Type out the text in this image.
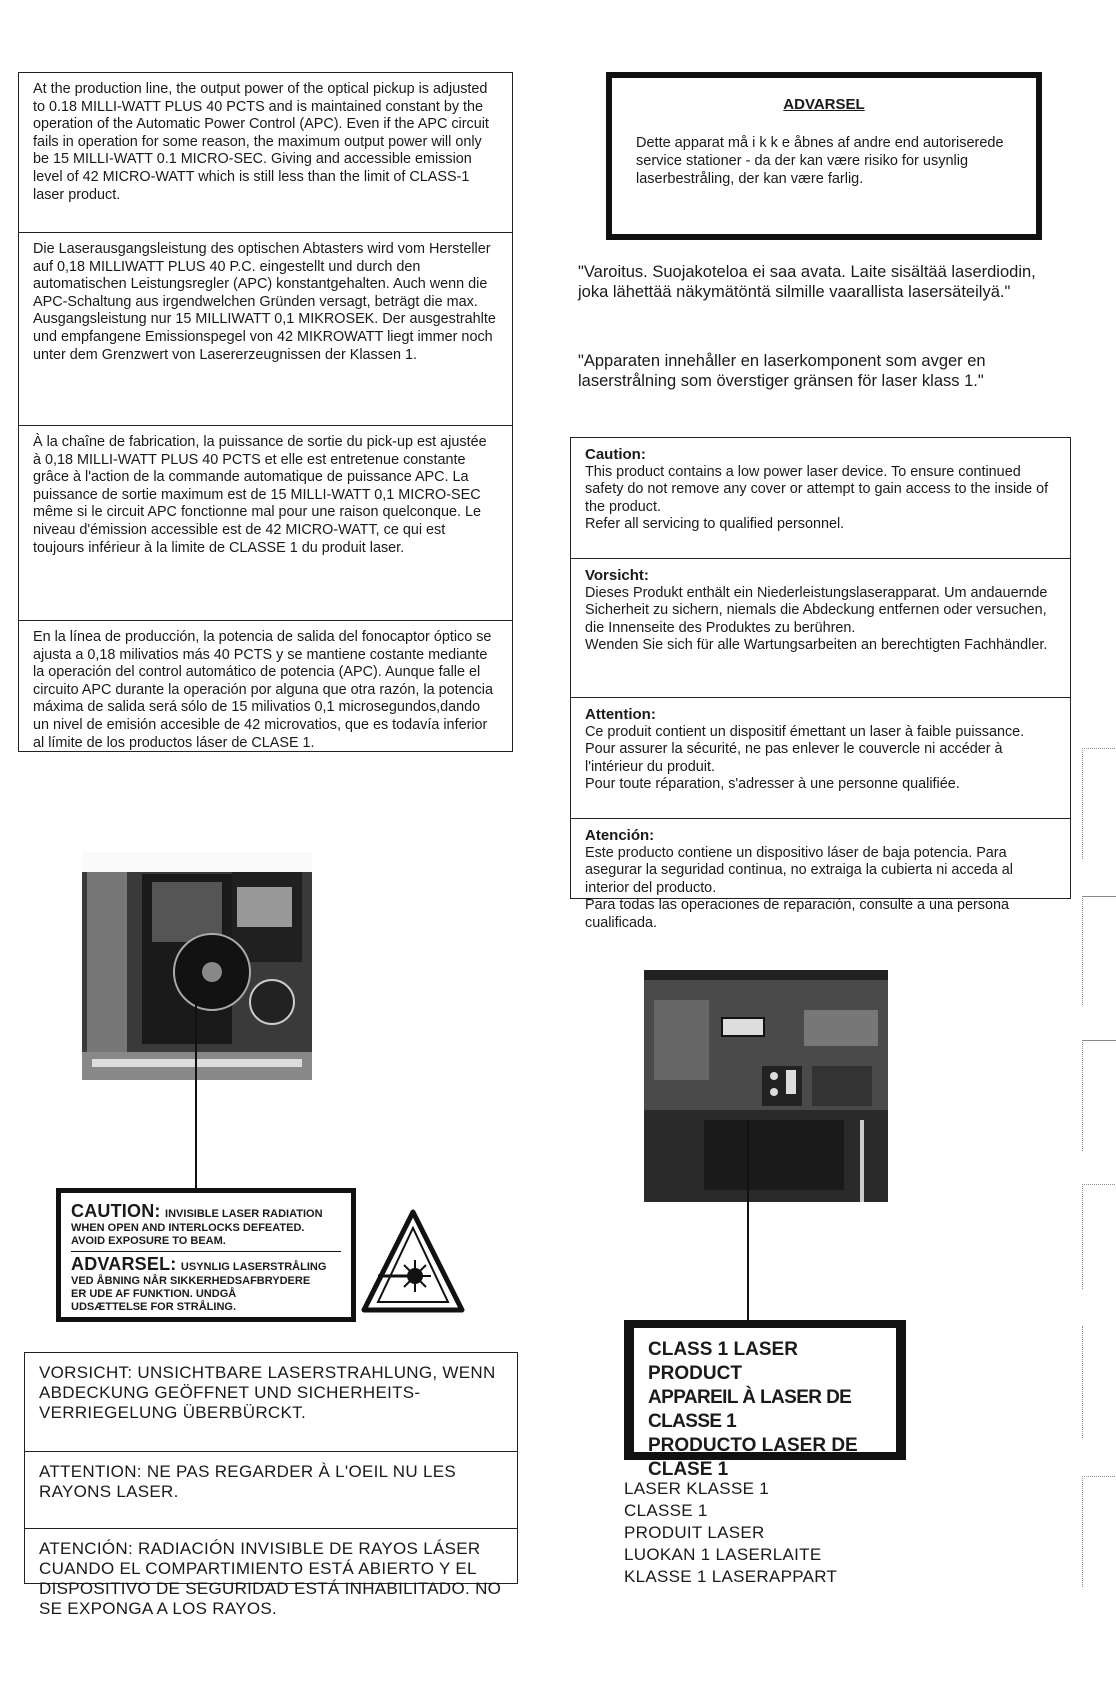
At the production line, the output power of the optical pickup is adjusted to 0.18 MILLI-WATT PLUS 40 PCTS and is maintained constant by the operation of the Automatic Power Control (APC). Even if the APC circuit fails in operation for some reason, the maximum output power will only be 15 MILLI-WATT 0.1 MICRO-SEC. Giving and accessible emission level of 42 MICRO-WATT which is still less than the limit of CLASS-1 laser product.

Die Laserausgangsleistung des optischen Abtasters wird vom Hersteller auf 0,18 MILLIWATT PLUS 40 P.C. eingestellt und durch den automatischen Leistungsregler (APC) konstantgehalten. Auch wenn die APC-Schaltung aus irgendwelchen Gründen versagt, beträgt die max. Ausgangsleistung nur 15 MILLIWATT 0,1 MIKROSEK. Der ausgestrahlte und empfangene Emissionspegel von 42 MIKROWATT liegt immer noch unter dem Grenzwert von Lasererzeugnissen der Klassen 1.

À la chaîne de fabrication, la puissance de sortie du pick-up est ajustée à 0,18 MILLI-WATT PLUS 40 PCTS et elle est entretenue constante grâce à l'action de la commande automatique de puissance APC. La puissance de sortie maximum est de 15 MILLI-WATT 0,1 MICRO-SEC même si le circuit APC fonctionne mal pour une raison quelconque. Le niveau d'émission accessible est de 42 MICRO-WATT, ce qui est toujours inférieur à la limite de CLASSE 1 du produit laser.

En la línea de producción, la potencia de salida del fonocaptor óptico se ajusta a 0,18 milivatios más 40 PCTS y se mantiene costante mediante la operación del control automático de potencia (APC). Aunque falle el circuito APC durante la operación por alguna que otra razón, la potencia máxima de salida será sólo de 15 milivatios 0,1 microsegundos,dando un nivel de emisión accesible de 42 microvatios, que es todavía inferior al límite de los productos láser de CLASE 1.

ADVARSEL
Dette apparat må i k k e åbnes af andre end autoriserede service stationer - da der kan være risiko for usynlig laserbestråling, der kan være farlig.
"Varoitus. Suojakoteloa ei saa avata. Laite sisältää laserdiodin, joka lähettää näkymätöntä silmille vaarallista lasersäteilyä."
"Apparaten innehåller en laserkomponent som avger en laserstrålning som överstiger gränsen för laser klass 1."

Caution:

This product contains a low power laser device. To ensure continued safety do not remove any cover or attempt to gain access to the inside of the product.

Refer all servicing to qualified personnel.

Vorsicht:

Dieses Produkt enthält ein Niederleistungslaserapparat. Um andauernde Sicherheit zu sichern, niemals die Abdeckung entfernen oder versuchen, die Innenseite des Produktes zu berühren.

Wenden Sie sich für alle Wartungsarbeiten an berechtigten Fachhändler.

Attention:

Ce produit contient un dispositif émettant un laser à faible puissance. Pour assurer la sécurité, ne pas enlever le couvercle ni accéder à l'intérieur du produit.

Pour toute réparation, s'adresser à une personne qualifiée.

Atención:

Este producto contiene un dispositivo láser de baja potencia. Para asegurar la seguridad continua, no extraiga la cubierta ni acceda al interior del producto.

Para todas las operaciones de reparación, consulte a una persona cualificada.

CAUTION: INVISIBLE LASER RADIATION
WHEN OPEN AND INTERLOCKS DEFEATED.
AVOID EXPOSURE TO BEAM.
ADVARSEL: USYNLIG LASERSTRÅLING
VED ÅBNING NÅR SIKKERHEDSAFBRYDERE
ER UDE AF FUNKTION. UNDGÅ
UDSÆTTELSE FOR STRÅLING.

VORSICHT: UNSICHTBARE LASERSTRAHLUNG, WENN ABDECKUNG GEÖFFNET UND SICHERHEITS-VERRIEGELUNG ÜBERBÜRCKT.

ATTENTION: NE PAS REGARDER À L'OEIL NU LES RAYONS LASER.

ATENCIÓN: RADIACIÓN INVISIBLE DE RAYOS LÁSER CUANDO EL COMPARTIMIENTO ESTÁ ABIERTO Y EL DISPOSITIVO DE SEGURIDAD ESTÁ INHABILITADO. NO SE EXPONGA A LOS RAYOS.

CLASS 1 LASER PRODUCT
APPAREIL À LASER DE CLASSE 1
PRODUCTO LASER DE CLASE 1
LASER KLASSE 1
CLASSE 1
PRODUIT LASER
LUOKAN 1 LASERLAITE
KLASSE 1 LASERAPPART
